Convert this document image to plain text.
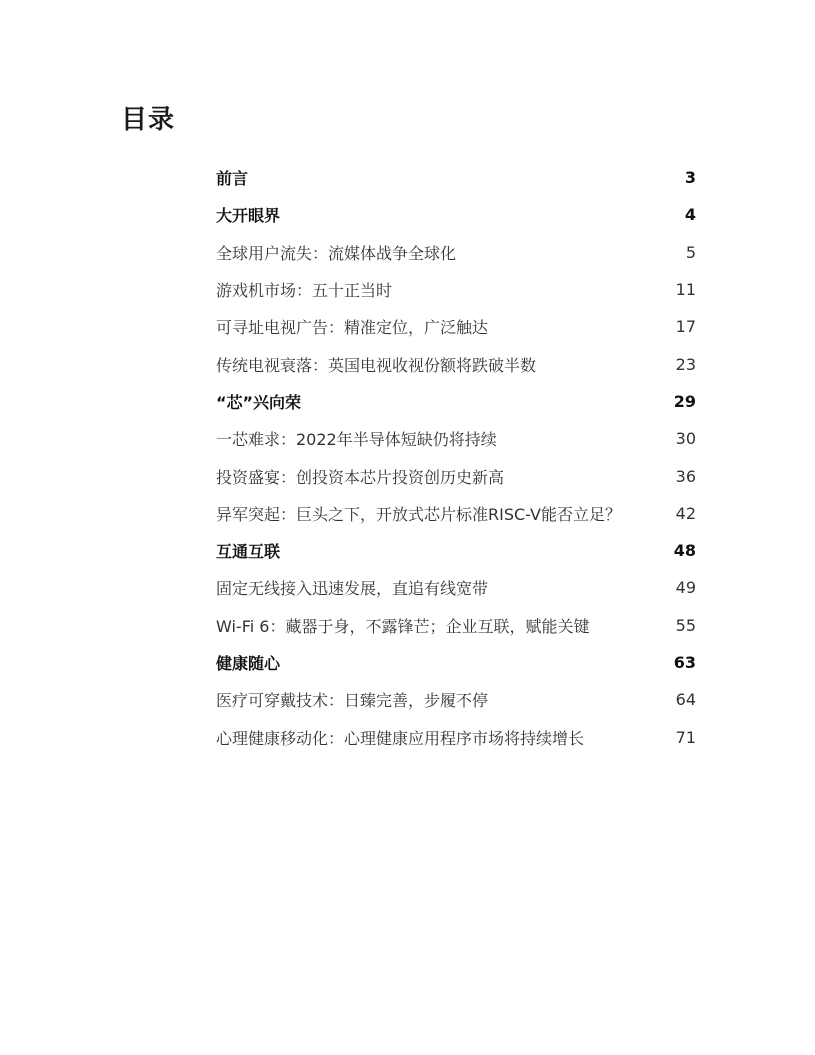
目录
前言	3
大开眼界	4
全球用户流失：流媒体战争全球化	5
游戏机市场：五十正当时	11
可寻址电视广告：精准定位，广泛触达	17
传统电视衰落：英国电视收视份额将跌破半数	23
“芯”兴向荣	29
一芯难求：2022年半导体短缺仍将持续	30
投资盛宴：创投资本芯片投资创历史新高	36
异军突起：巨头之下，开放式芯片标准RISC-V能否立足？	42
互通互联	48
固定无线接入迅速发展，直追有线宽带	49
Wi-Fi 6：藏器于身，不露锋芒；企业互联，赋能关键	55
健康随心	63
医疗可穿戴技术：日臻完善，步履不停	64
心理健康移动化：心理健康应用程序市场将持续增长	71
